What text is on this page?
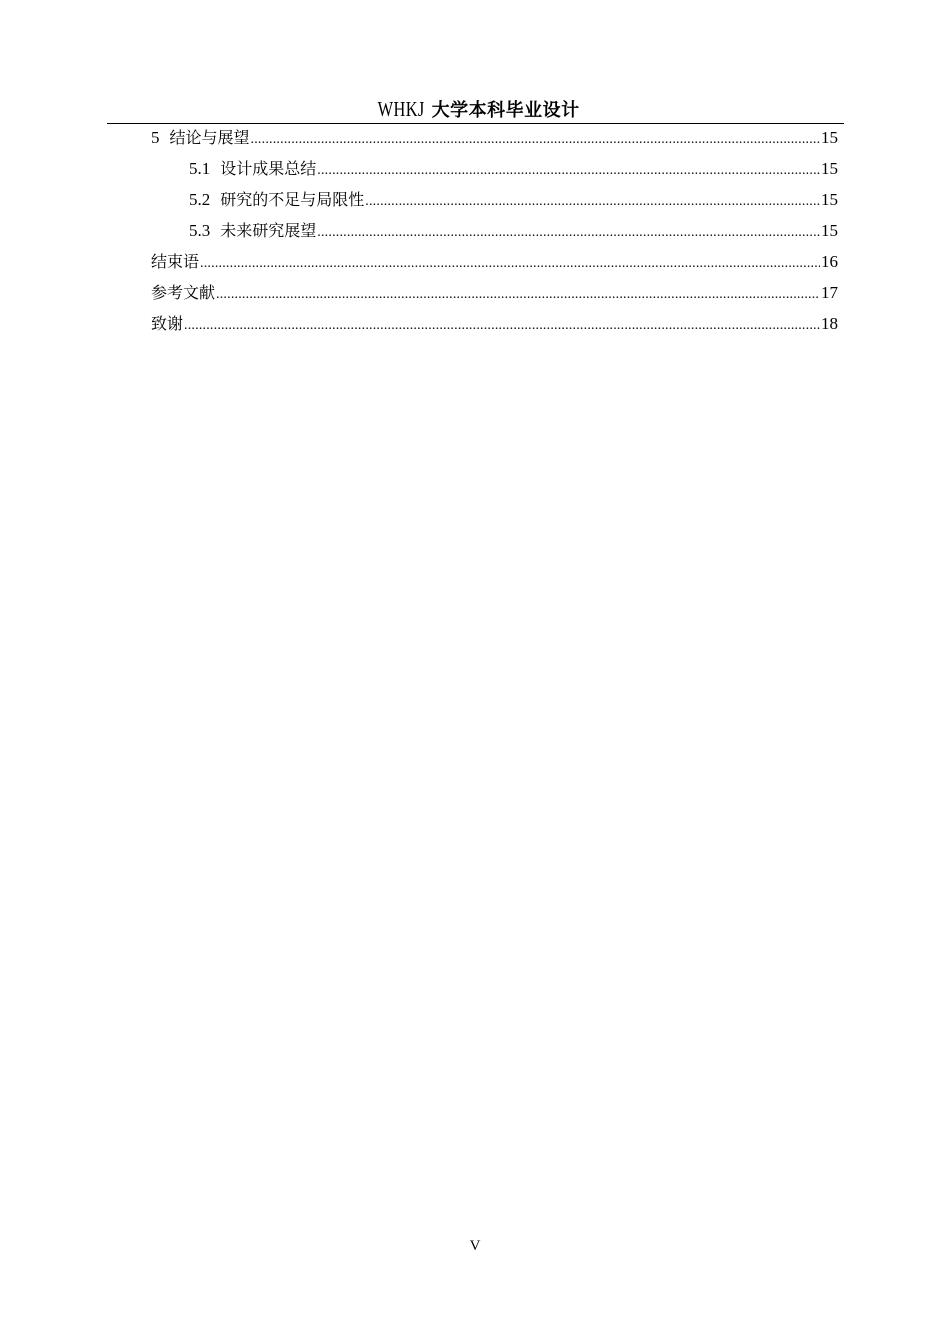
WHKJ 大学本科毕业设计
5 结论与展望 .....	15
5.1 设计成果总结 .....	15
5.2 研究的不足与局限性 .....	15
5.3 未来研究展望 .....	15
结束语 .....	16
参考文献 .....	17
致谢 .....	18
V
